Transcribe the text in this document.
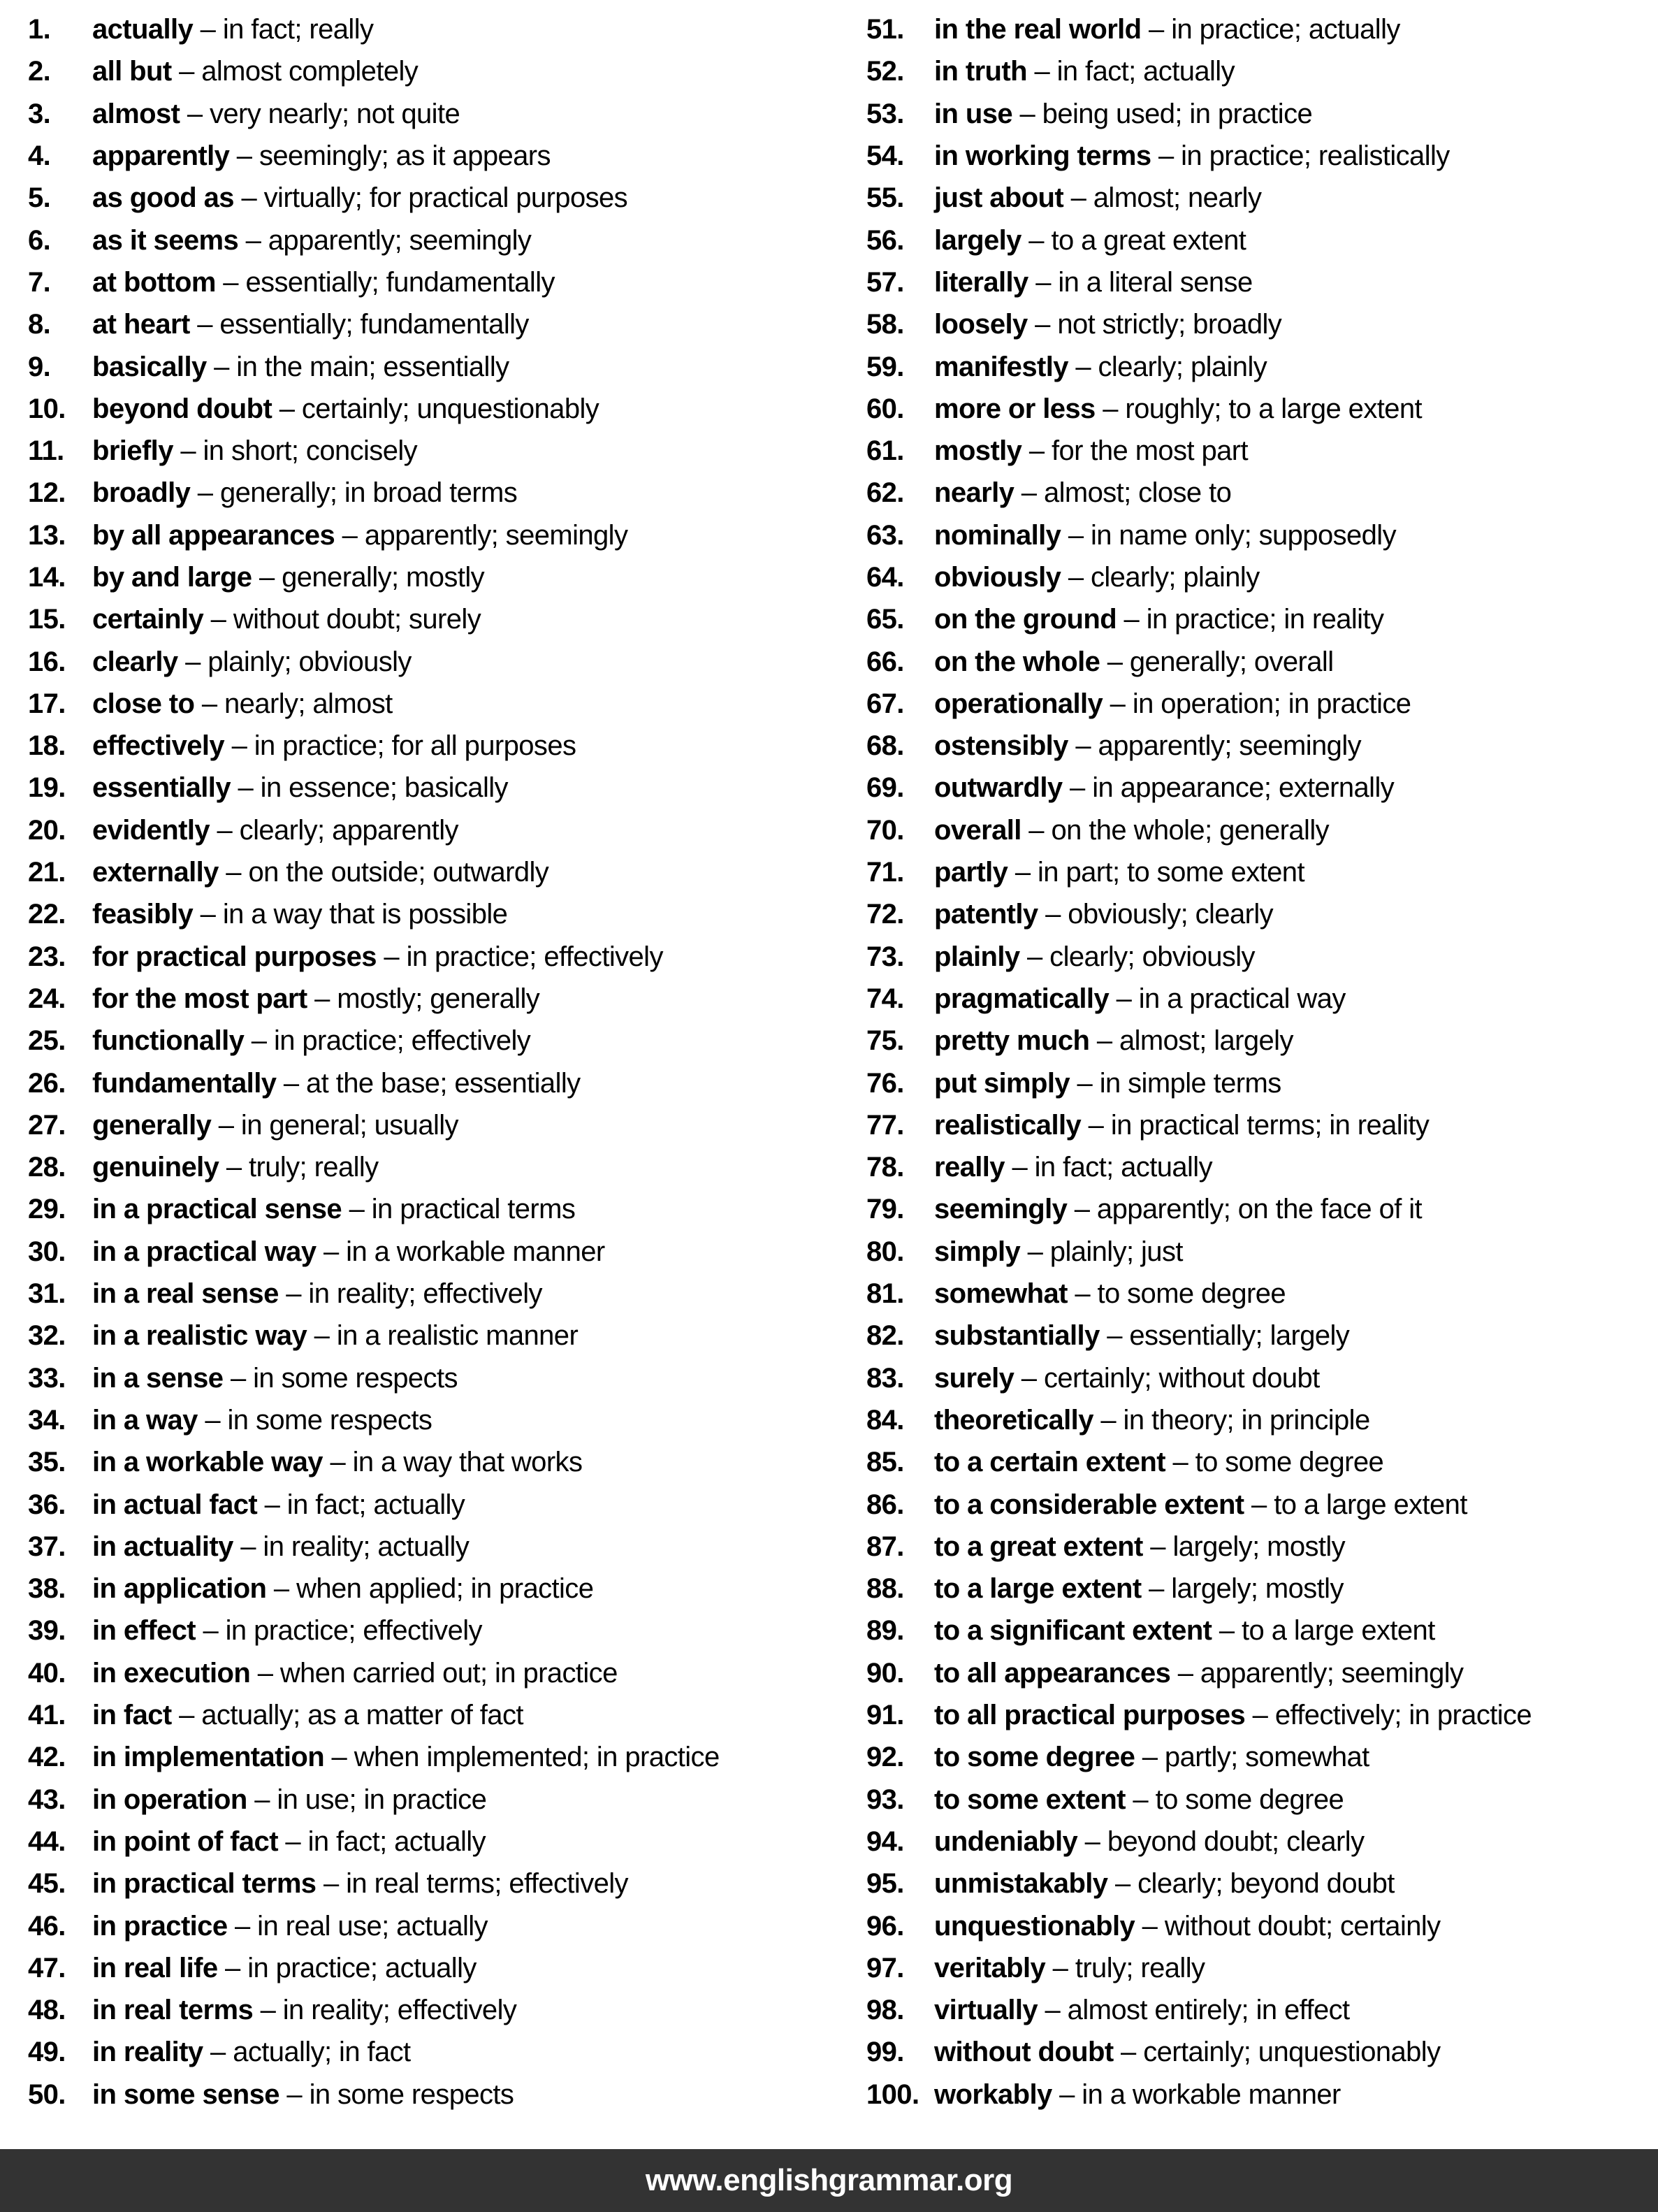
1.	actually – in fact; really
2.	all but – almost completely
3.	almost – very nearly; not quite
4.	apparently – seemingly; as it appears
5.	as good as – virtually; for practical purposes
6.	as it seems – apparently; seemingly
7.	at bottom – essentially; fundamentally
8.	at heart – essentially; fundamentally
9.	basically – in the main; essentially
10. beyond doubt – certainly; unquestionably
11.	briefly – in short; concisely
12. broadly – generally; in broad terms
13. by all appearances – apparently; seemingly
14. by and large – generally; mostly
15. certainly – without doubt; surely
16. clearly – plainly; obviously
17. close to – nearly; almost
18. effectively – in practice; for all purposes
19. essentially – in essence; basically
20. evidently – clearly; apparently
21. externally – on the outside; outwardly
22. feasibly – in a way that is possible
23. for practical purposes – in practice; effectively
24. for the most part – mostly; generally
25. functionally – in practice; effectively
26. fundamentally – at the base; essentially
27. generally – in general; usually
28. genuinely – truly; really
29. in a practical sense – in practical terms
30. in a practical way – in a workable manner
31. in a real sense – in reality; effectively
32. in a realistic way – in a realistic manner
33. in a sense – in some respects
34. in a way – in some respects
35. in a workable way – in a way that works
36. in actual fact – in fact; actually
37. in actuality – in reality; actually
38. in application – when applied; in practice
39. in effect – in practice; effectively
40. in execution – when carried out; in practice
41. in fact – actually; as a matter of fact
42. in implementation – when implemented; in practice
43. in operation – in use; in practice
44. in point of fact – in fact; actually
45. in practical terms – in real terms; effectively
46. in practice – in real use; actually
47. in real life – in practice; actually
48. in real terms – in reality; effectively
49. in reality – actually; in fact
50. in some sense – in some respects
51.	in the real world – in practice; actually
52.	in truth – in fact; actually
53.	in use – being used; in practice
54.	in working terms – in practice; realistically
55.	just about – almost; nearly
56.	largely – to a great extent
57.	literally – in a literal sense
58.	loosely – not strictly; broadly
59.	manifestly – clearly; plainly
60.	more or less – roughly; to a large extent
61.	mostly – for the most part
62.	nearly – almost; close to
63.	nominally – in name only; supposedly
64.	obviously – clearly; plainly
65.	on the ground – in practice; in reality
66.	on the whole – generally; overall
67.	operationally – in operation; in practice
68.	ostensibly – apparently; seemingly
69.	outwardly – in appearance; externally
70.	overall – on the whole; generally
71.	partly – in part; to some extent
72.	patently – obviously; clearly
73.	plainly – clearly; obviously
74.	pragmatically – in a practical way
75.	pretty much – almost; largely
76.	put simply – in simple terms
77.	realistically – in practical terms; in reality
78.	really – in fact; actually
79.	seemingly – apparently; on the face of it
80.	simply – plainly; just
81.	somewhat – to some degree
82.	substantially – essentially; largely
83.	surely – certainly; without doubt
84.	theoretically – in theory; in principle
85.	to a certain extent – to some degree
86.	to a considerable extent – to a large extent
87.	to a great extent – largely; mostly
88.	to a large extent – largely; mostly
89.	to a significant extent – to a large extent
90.	to all appearances – apparently; seemingly
91.	to all practical purposes – effectively; in practice
92.	to some degree – partly; somewhat
93.	to some extent – to some degree
94.	undeniably – beyond doubt; clearly
95.	unmistakably – clearly; beyond doubt
96.	unquestionably – without doubt; certainly
97.	veritably – truly; really
98.	virtually – almost entirely; in effect
99.	without doubt – certainly; unquestionably
100. workably – in a workable manner
www.englishgrammar.org
